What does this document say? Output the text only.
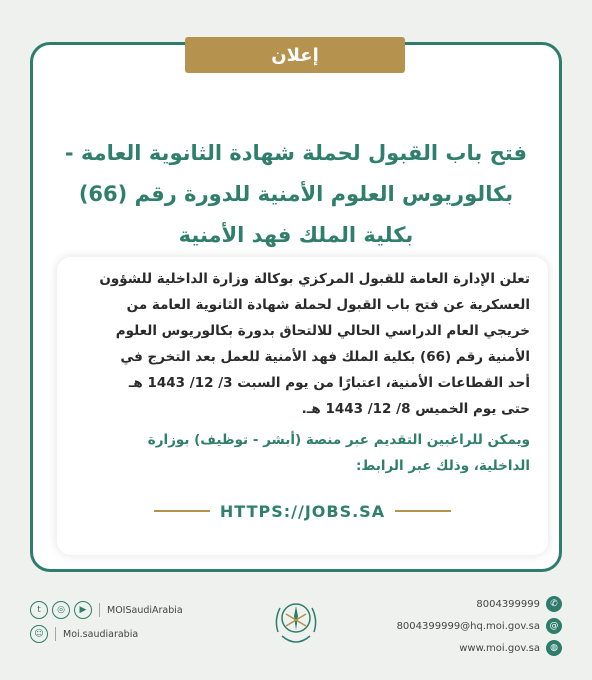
إعلان
فتح باب القبول لحملة شهادة الثانوية العامة -
بكالوريوس العلوم الأمنية للدورة رقم (66)
بكلية الملك فهد الأمنية
تعلن الإدارة العامة للقبول المركزي بوكالة وزارة الداخلية للشؤون
العسكرية عن فتح باب القبول لحملة شهادة الثانوية العامة من
خريجي العام الدراسي الحالي للالتحاق بدورة بكالوريوس العلوم
الأمنية رقم (66) بكلية الملك فهد الأمنية للعمل بعد التخرج في
أحد القطاعات الأمنية، اعتبارًا من يوم السبت 3/ 12/ 1443 هـ
حتى يوم الخميس 8/ 12/ 1443 هـ.
ويمكن للراغبين التقديم عبر منصة (أبشر - توظيف) بوزارة
الداخلية، وذلك عبر الرابط:
HTTPS://JOBS.SA
t	◎	▶	MOISaudiArabia
☺	Moi.saudiarabia
8004399999	✆
8004399999@hq.moi.gov.sa	@
www.moi.gov.sa	◍
